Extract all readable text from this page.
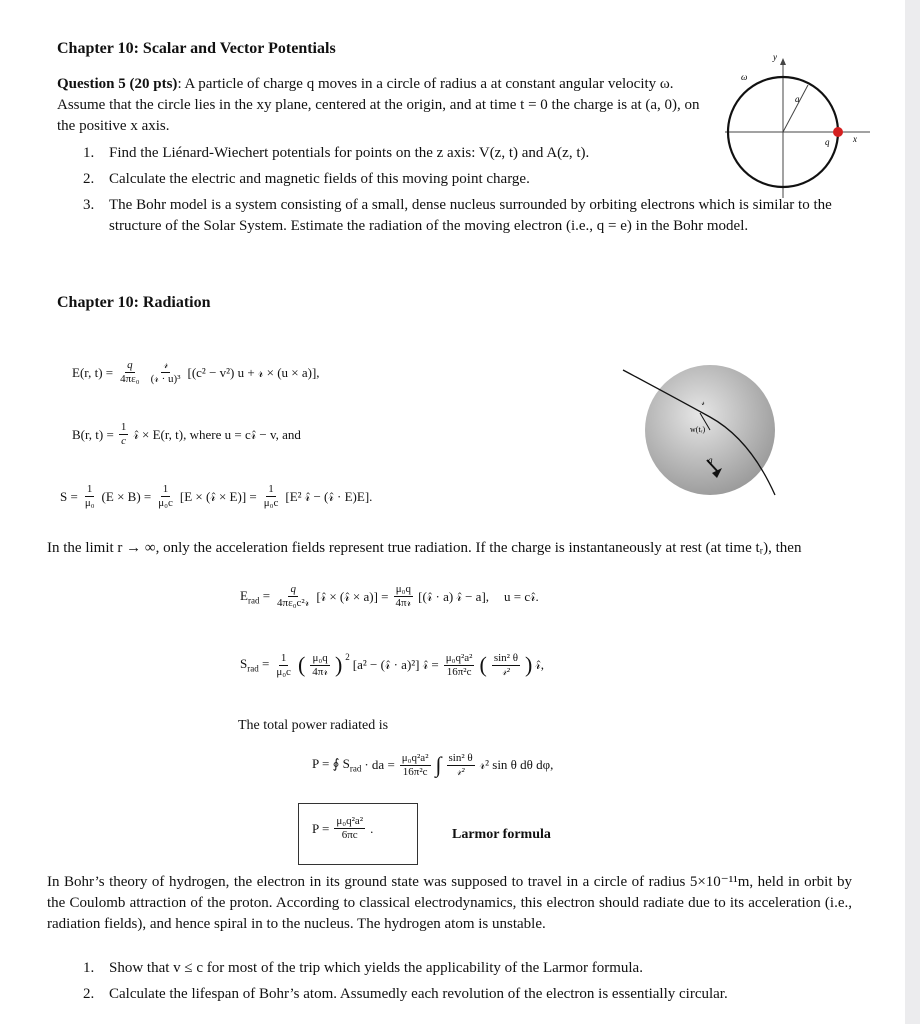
Chapter 10: Scalar and Vector Potentials
Question 5 (20 pts): A particle of charge q moves in a circle of radius a at constant angular velocity ω. Assume that the circle lies in the xy plane, centered at the origin, and at time t = 0 the charge is at (a, 0), on the positive x axis.
1. Find the Liénard-Wiechert potentials for points on the z axis: V(z, t) and A(z, t).
2. Calculate the electric and magnetic fields of this moving point charge.
3. The Bohr model is a system consisting of a small, dense nucleus surrounded by orbiting electrons which is similar to the structure of the Solar System. Estimate the radiation of the moving electron (i.e., q = e) in the Bohr model.
y
x
a
q
ω
Chapter 10: Radiation
E(r, $t) = \frac{q}{\text{4πε₀}} \frac{\text{𝓇}}{\text{(𝓇 · u)³}} [(c^2 - v^2) u$ + 𝓇 × (u × a)],
B(r, $t) = \frac{1}{c}$ 𝓇̂ × E(r, t), where u = c𝓇̂ − v, and
$S = \frac{1}{\text{μ₀}} (E \times B) = \frac{1}{\text{μ₀c}} [E$ × (𝓇̂ × $E)] = \frac{1}{\text{μ₀c}} [E^2$ 𝓇̂ − (𝓇̂ · E)E].
w(tᵣ)
𝓇
q
In the limit r → ∞, only the acceleration fields represent true radiation. If the charge is instantaneously at rest (at time tᵣ), then
$E_{rad} = \frac{q}{\text{4πε₀c²𝓇}}$ [𝓇̂ × (𝓇̂ × $a)] = \frac{\text{μ₀q}}{\text{4π𝓇}}$ [(𝓇̂ · a) 𝓇̂ − a], u = c𝓇̂.
$S_{rad} = \frac{1}{\text{μ₀c}}$ ( $\frac{\text{μ₀q}}{\text{4π𝓇}}$ ) $^2$ [a² − (𝓇̂ · a)²] 𝓇̂ = $\frac{\text{μ₀q²a²}}{\text{16π²c}}$ ( $\frac{\text{sin² θ}}{\text{𝓇²}}$ ) 𝓇̂,
The total power radiated is
P = ∮ $S_{rad}$ · da = $\frac{\text{μ₀q²a²}}{\text{16π²c}}$ ∫ $\frac{\text{sin² θ}}{\text{𝓇²}}$ 𝓇² sin θ dθ dφ,
$P = \frac{\text{μ₀q²a²}}{6\pi c}$ .	Larmor formula
In Bohr’s theory of hydrogen, the electron in its ground state was supposed to travel in a circle of radius 5×10⁻¹¹m, held in orbit by the Coulomb attraction of the proton. According to classical electrodynamics, this electron should radiate due to its acceleration (i.e., radiation fields), and hence spiral in to the nucleus. The hydrogen atom is unstable.
1. Show that v ≤ c for most of the trip which yields the applicability of the Larmor formula.
2. Calculate the lifespan of Bohr’s atom. Assumedly each revolution of the electron is essentially circular.
